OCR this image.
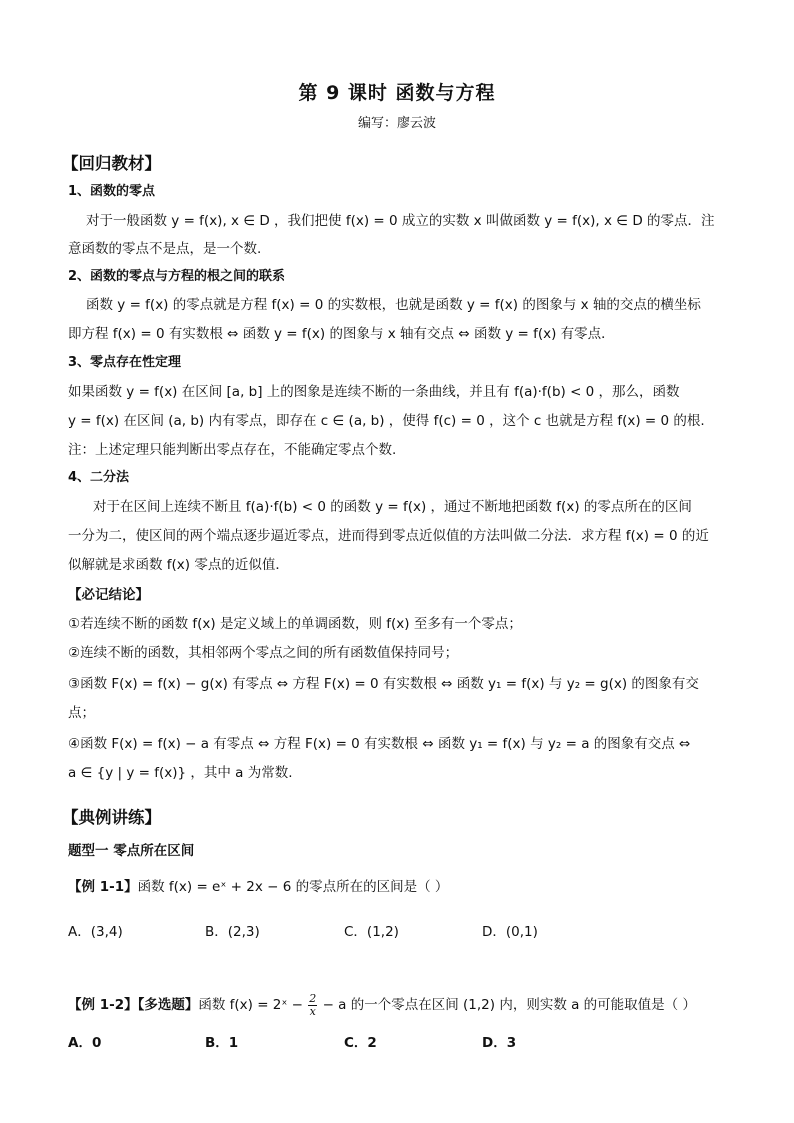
第 9 课时 函数与方程
编写：廖云波
【回归教材】
1、函数的零点
对于一般函数 y = f(x), x ∈ D ，我们把使 f(x) = 0 成立的实数 x 叫做函数 y = f(x), x ∈ D 的零点．注
意函数的零点不是点，是一个数.
2、函数的零点与方程的根之间的联系
函数 y = f(x) 的零点就是方程 f(x) = 0 的实数根，也就是函数 y = f(x) 的图象与 x 轴的交点的横坐标
即方程 f(x) = 0 有实数根 ⇔ 函数 y = f(x) 的图象与 x 轴有交点 ⇔ 函数 y = f(x) 有零点．
3、零点存在性定理
如果函数 y = f(x) 在区间 [a, b] 上的图象是连续不断的一条曲线，并且有 f(a)·f(b) < 0 ，那么，函数
y = f(x) 在区间 (a, b) 内有零点，即存在 c ∈ (a, b) ，使得 f(c) = 0 ，这个 c 也就是方程 f(x) = 0 的根.
注：上述定理只能判断出零点存在，不能确定零点个数.
4、二分法
对于在区间上连续不断且 f(a)·f(b) < 0 的函数 y = f(x) ，通过不断地把函数 f(x) 的零点所在的区间
一分为二，使区间的两个端点逐步逼近零点，进而得到零点近似值的方法叫做二分法．求方程 f(x) = 0 的近
似解就是求函数 f(x) 零点的近似值．
【必记结论】
①若连续不断的函数 f(x) 是定义域上的单调函数，则 f(x) 至多有一个零点；
②连续不断的函数，其相邻两个零点之间的所有函数值保持同号；
③函数 F(x) = f(x) − g(x) 有零点 ⇔ 方程 F(x) = 0 有实数根 ⇔ 函数 y₁ = f(x) 与 y₂ = g(x) 的图象有交
点；
④函数 F(x) = f(x) − a 有零点 ⇔ 方程 F(x) = 0 有实数根 ⇔ 函数 y₁ = f(x) 与 y₂ = a 的图象有交点 ⇔
a ∈ {y | y = f(x)} ，其中 a 为常数.
【典例讲练】
题型一 零点所在区间
【例 1-1】函数 f(x) = eˣ + 2x − 6 的零点所在的区间是（ ）
A．(3,4)	B．(2,3)	C．(1,2)	D．(0,1)
【例 1-2】【多选题】函数 f(x) = 2ˣ − $\frac{2}{x} - a$ 的一个零点在区间 (1,2) 内，则实数 a 的可能取值是（ ）
A．0	B．1	C．2	D．3
